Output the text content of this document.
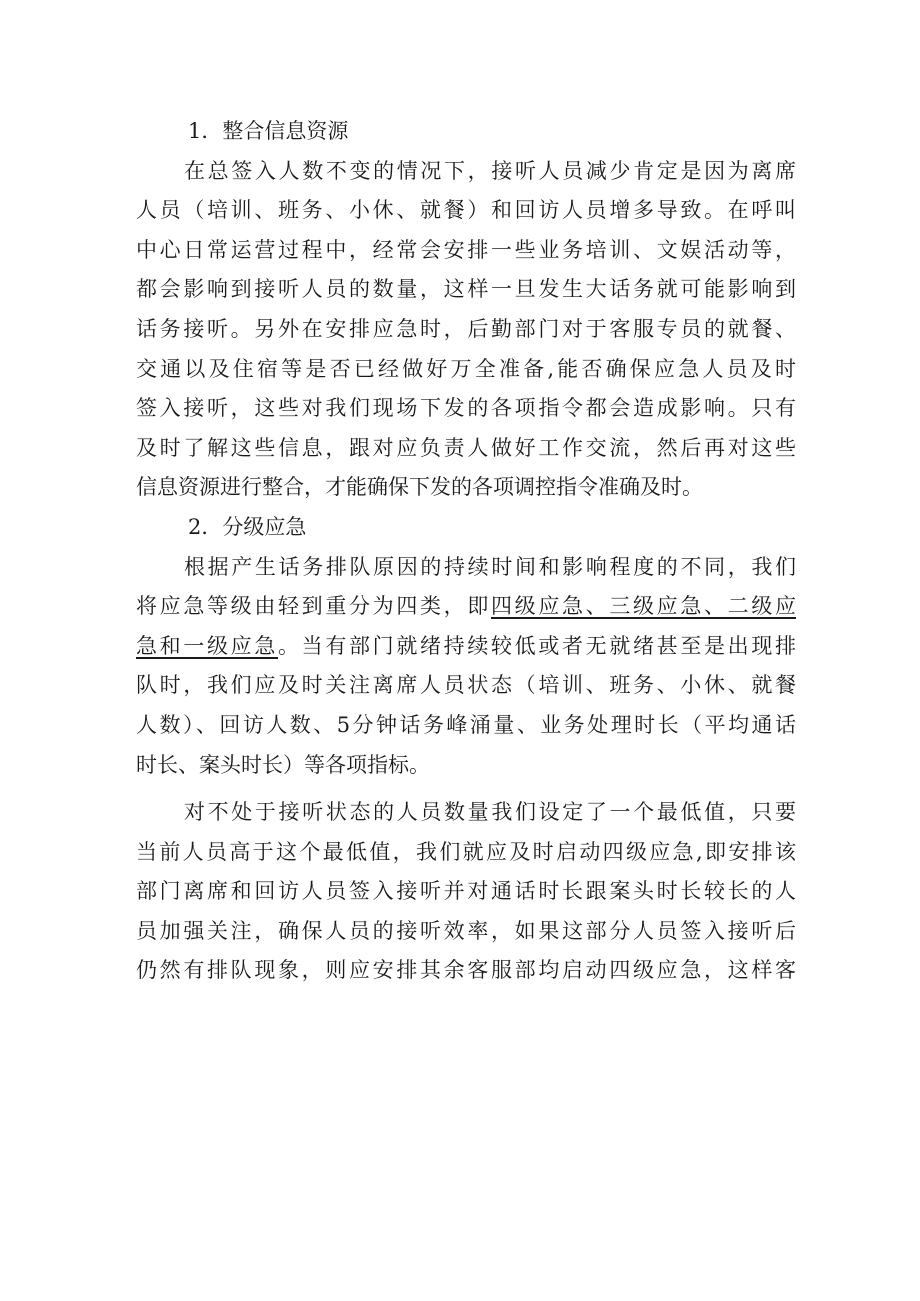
1．整合信息资源

在总签入人数不变的情况下，接听人员减少肯定是因为离席
人员（培训、班务、小休、就餐）和回访人员增多导致。在呼叫
中心日常运营过程中，经常会安排一些业务培训、文娱活动等，
都会影响到接听人员的数量，这样一旦发生大话务就可能影响到
话务接听。另外在安排应急时，后勤部门对于客服专员的就餐、
交通以及住宿等是否已经做好万全准备,能否确保应急人员及时
签入接听，这些对我们现场下发的各项指令都会造成影响。只有
及时了解这些信息，跟对应负责人做好工作交流，然后再对这些
信息资源进行整合，才能确保下发的各项调控指令准确及时。

2．分级应急

根据产生话务排队原因的持续时间和影响程度的不同，我们
将应急等级由轻到重分为四类，即四级应急、三级应急、二级应
急和一级应急。当有部门就绪持续较低或者无就绪甚至是出现排
队时，我们应及时关注离席人员状态（培训、班务、小休、就餐
人数）、回访人数、5分钟话务峰涌量、业务处理时长（平均通话
时长、案头时长）等各项指标。
对不处于接听状态的人员数量我们设定了一个最低值，只要
当前人员高于这个最低值，我们就应及时启动四级应急,即安排该
部门离席和回访人员签入接听并对通话时长跟案头时长较长的人
员加强关注，确保人员的接听效率，如果这部分人员签入接听后
仍然有排队现象，则应安排其余客服部均启动四级应急，这样客
